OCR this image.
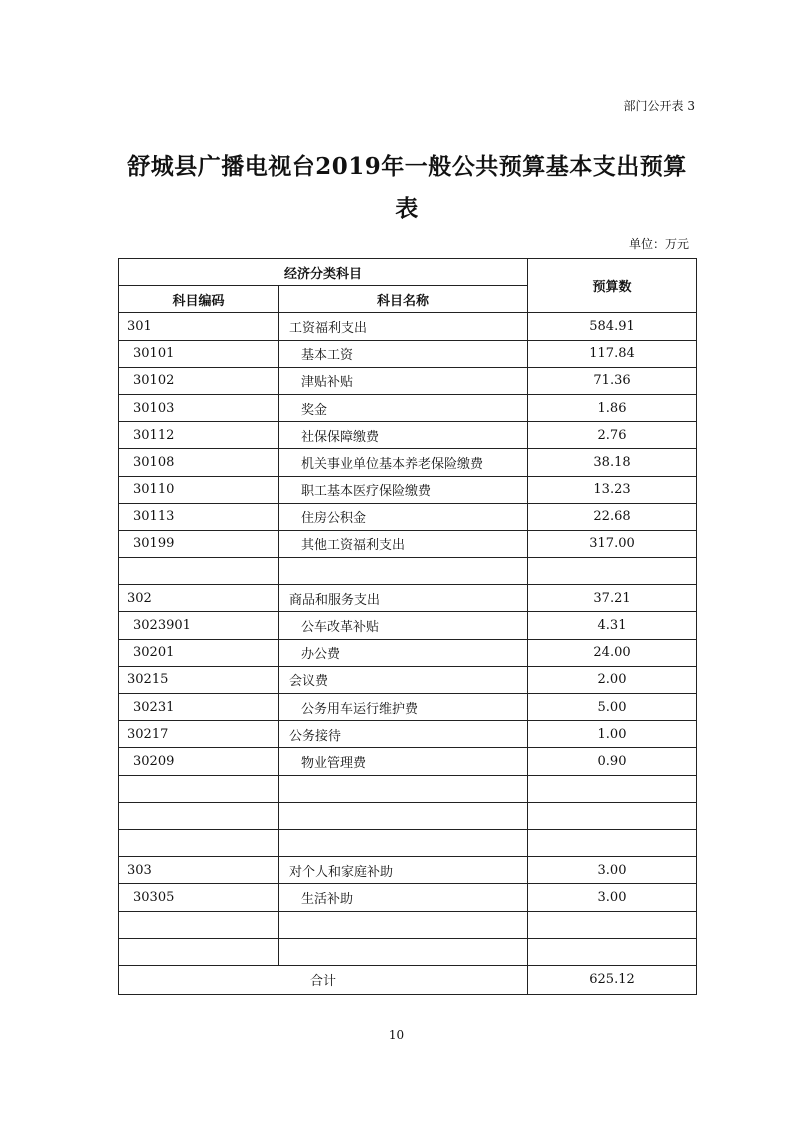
部门公开表 3
舒城县广播电视台2019年一般公共预算基本支出预算表
单位：万元
经济分类科目		预算数
科目编码	科目名称	
301	工资福利支出	584.91
30101	基本工资	117.84
30102	津贴补贴	71.36
30103	奖金	1.86
30112	社保保障缴费	2.76
30108	机关事业单位基本养老保险缴费	38.18
30110	职工基本医疗保险缴费	13.23
30113	住房公积金	22.68
30199	其他工资福利支出	317.00

302	商品和服务支出	37.21
3023901	公车改革补贴	4.31
30201	办公费	24.00
30215	会议费	2.00
30231	公务用车运行维护费	5.00
30217	公务接待	1.00
30209	物业管理费	0.90

303	对个人和家庭补助	3.00
30305	生活补助	3.00

合计		625.12
10
